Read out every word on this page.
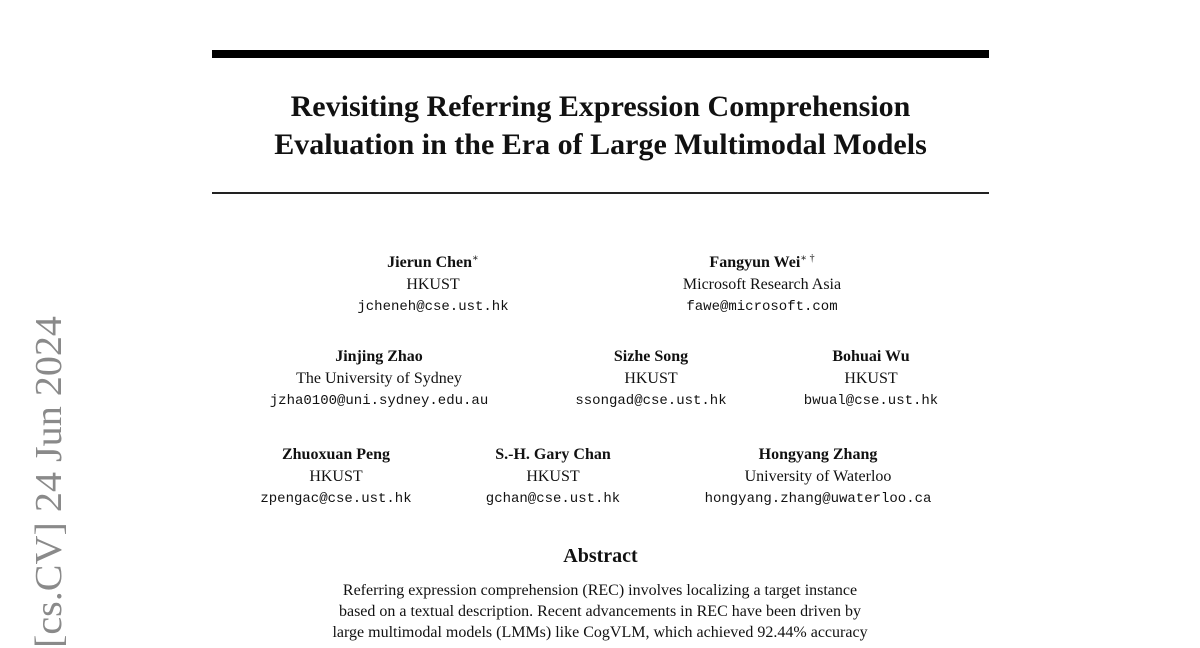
[cs.CV] 24 Jun 2024
Revisiting Referring Expression Comprehension
Evaluation in the Era of Large Multimodal Models
Jierun Chen∗
HKUST
jcheneh@cse.ust.hk
Fangyun Wei∗ †
Microsoft Research Asia
fawe@microsoft.com
Jinjing Zhao
The University of Sydney
jzha0100@uni.sydney.edu.au
Sizhe Song
HKUST
ssongad@cse.ust.hk
Bohuai Wu
HKUST
bwual@cse.ust.hk
Zhuoxuan Peng
HKUST
zpengac@cse.ust.hk
S.-H. Gary Chan
HKUST
gchan@cse.ust.hk
Hongyang Zhang
University of Waterloo
hongyang.zhang@uwaterloo.ca
Abstract

Referring expression comprehension (REC) involves localizing a target instance
based on a textual description. Recent advancements in REC have been driven by
large multimodal models (LMMs) like CogVLM, which achieved 92.44% accuracy
